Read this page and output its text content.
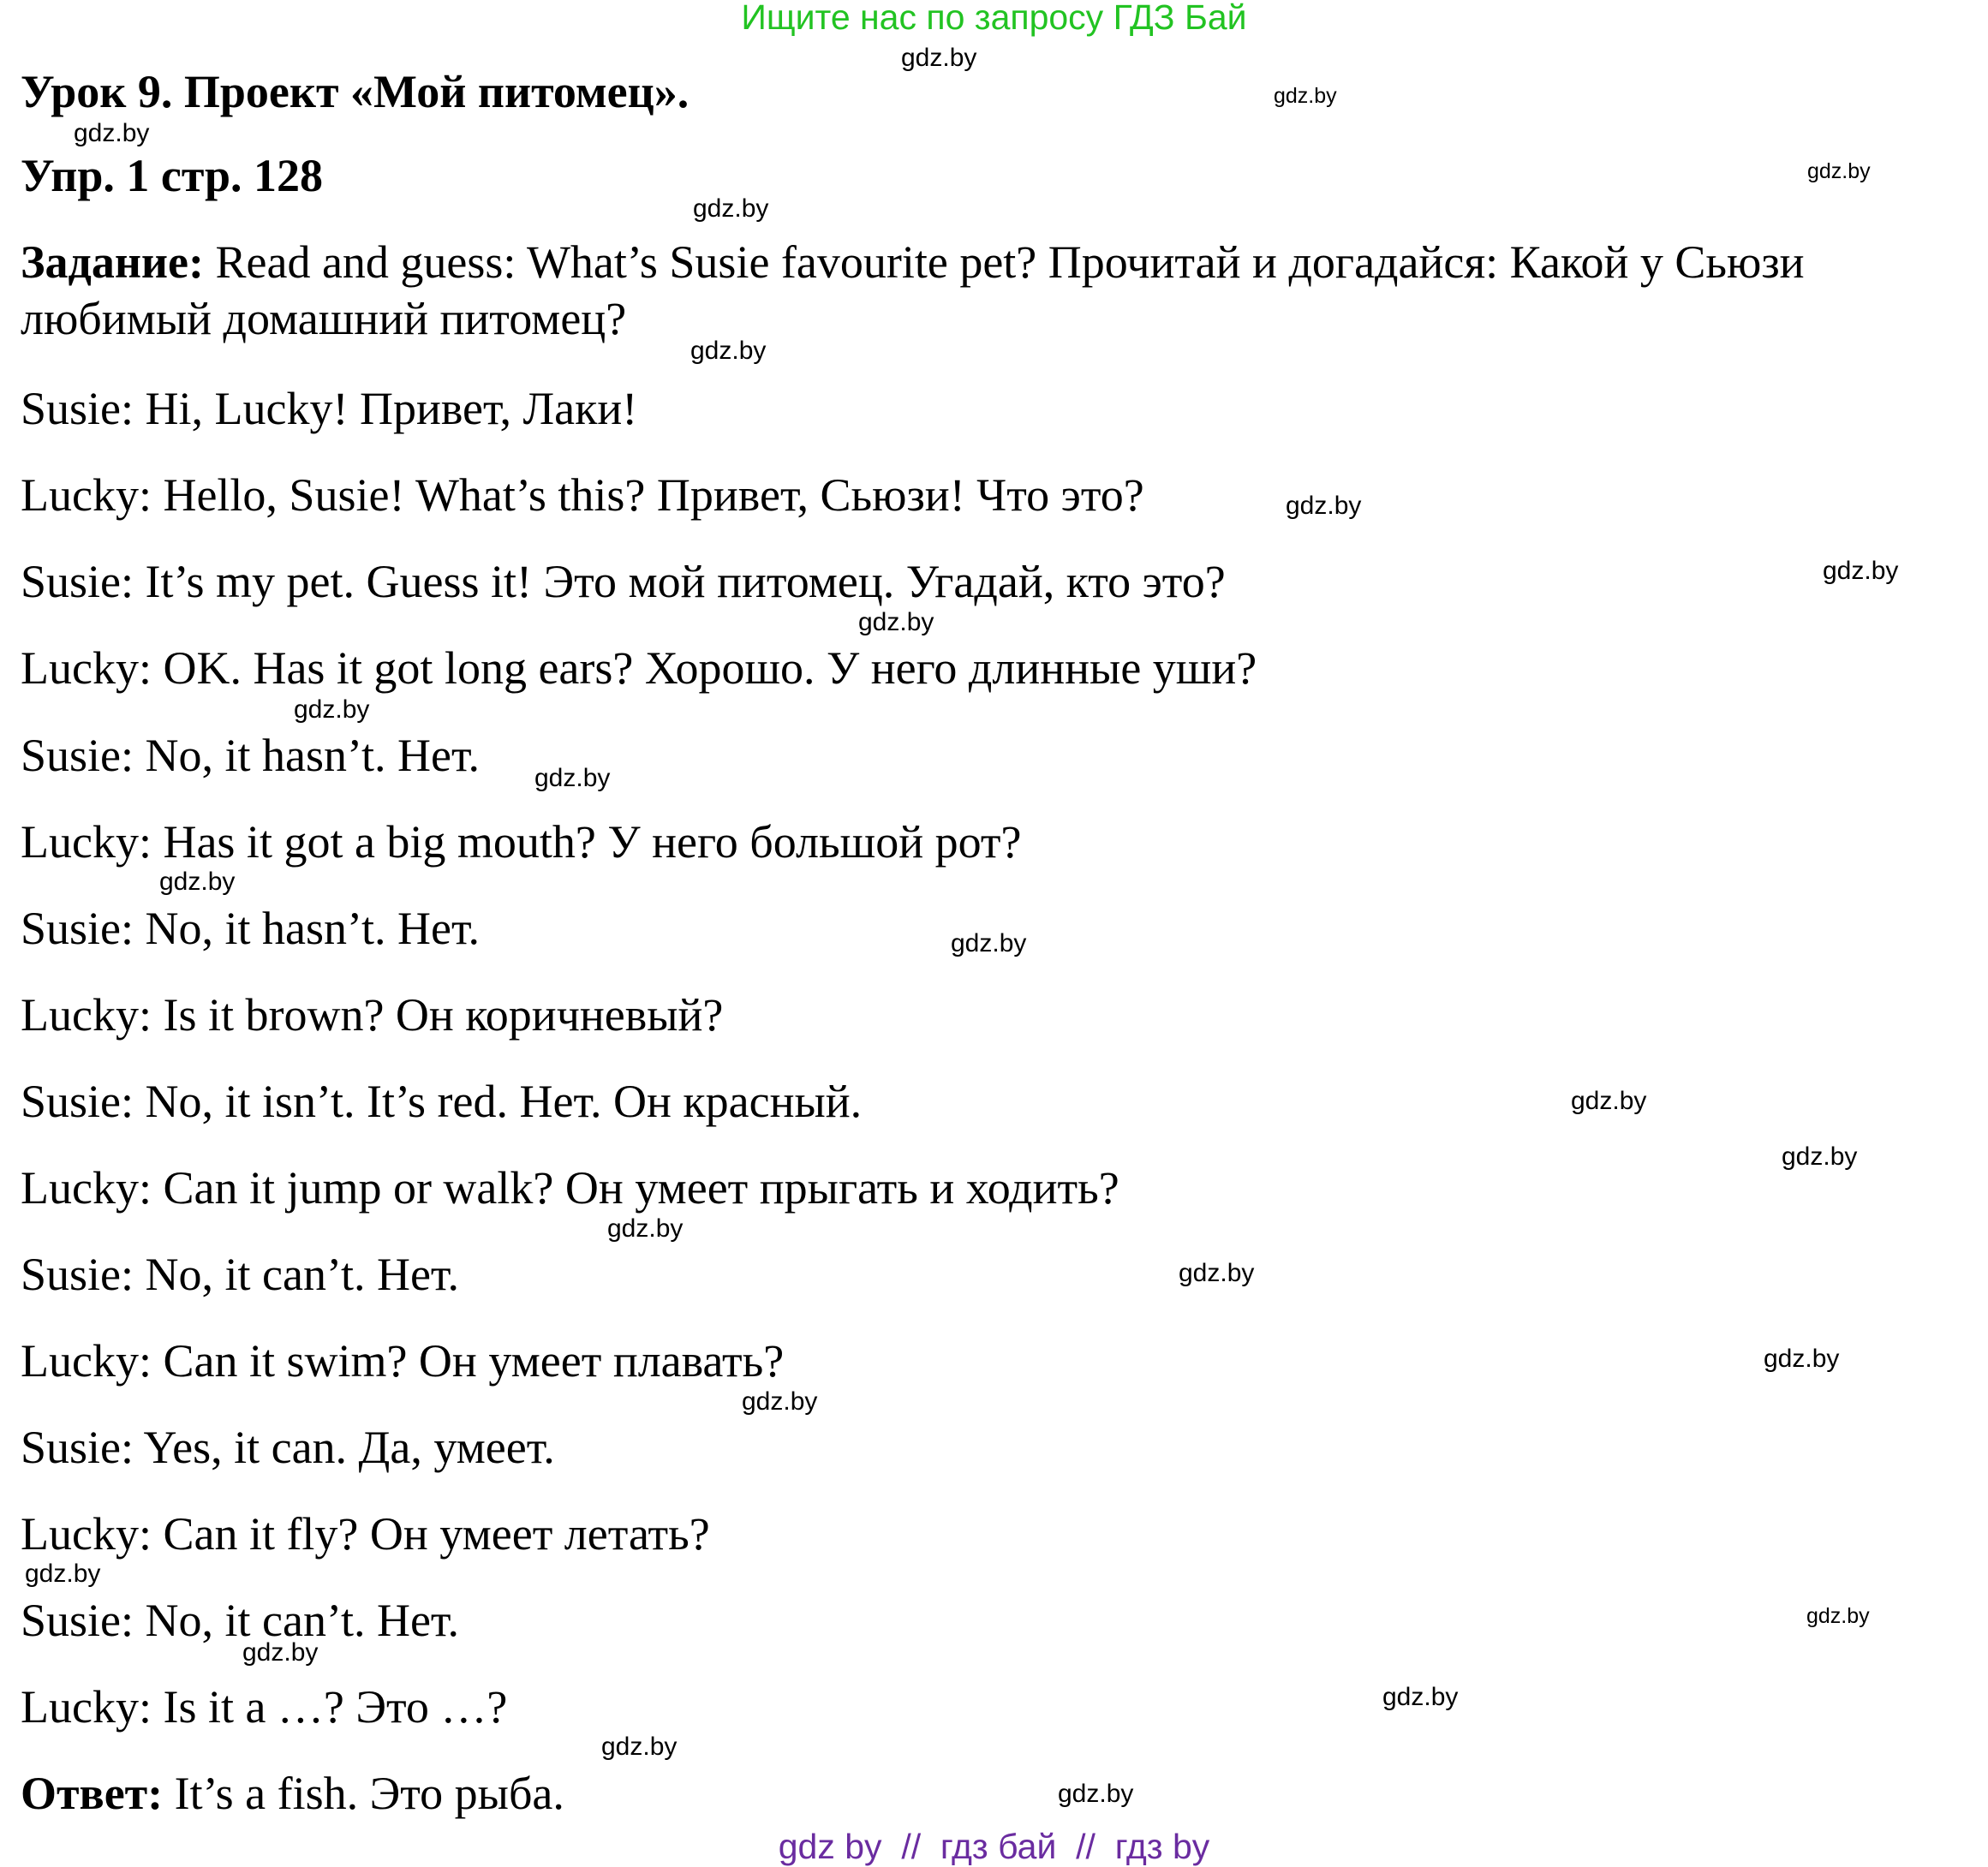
Ищите нас по запросу ГДЗ Бай
Урок 9. Проект «Мой питомец».
Упр. 1 стр. 128
Задание: Read and guess: What’s Susie favourite pet? Прочитай и догадайся: Какой у Сьюзи
любимый домашний питомец?
Susie: Hi, Lucky! Привет, Лаки!
Lucky: Hello, Susie! What’s this? Привет, Сьюзи! Что это?
Susie: It’s my pet. Guess it! Это мой питомец. Угадай, кто это?
Lucky: OK. Has it got long ears? Хорошо. У него длинные уши?
Susie: No, it hasn’t. Нет.
Lucky: Has it got a big mouth? У него большой рот?
Susie: No, it hasn’t. Нет.
Lucky: Is it brown? Он коричневый?
Susie: No, it isn’t. It’s red. Нет. Он красный.
Lucky: Can it jump or walk? Он умеет прыгать и ходить?
Susie: No, it can’t. Нет.
Lucky: Can it swim? Он умеет плавать?
Susie: Yes, it can. Да, умеет.
Lucky: Can it fly? Он умеет летать?
Susie: No, it can’t. Нет.
Lucky: Is it a …? Это …?
Ответ: It’s a fish. Это рыба.
gdz.by
gdz.by
gdz.by
gdz.by
gdz.by
gdz.by
gdz.by
gdz.by
gdz.by
gdz.by
gdz.by
gdz.by
gdz.by
gdz.by
gdz.by
gdz.by
gdz.by
gdz.by
gdz.by
gdz.by
gdz.by
gdz.by
gdz.by
gdz.by
gdz.by
gdz by  //  гдз бай  //  гдз by
